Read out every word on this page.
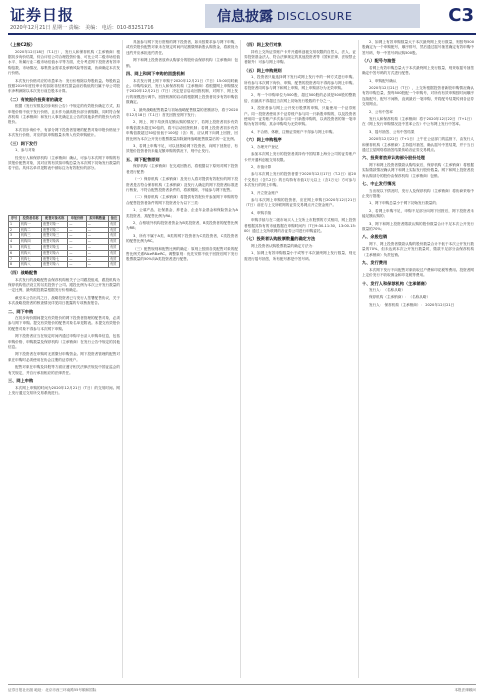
证券日报
2020年12月21日 星期一 责编： 美编： 电话：010-83251716
信息披露 DISCLOSURE	C3
（上接C2版）

2020年12月18日（T-1日），发行人和保荐机构（主承销商）根据初步询价结果，综合评估公司合理投资价值、可比公司二级市场估值水平、所属行业二级市场估值水平等方面，充分考虑网下投资者有效申购倍数、市场情况、募集资金需求及承销风险等因素，协商确定本次发行价格。

本次发行价格对应的市盈率为：发行价格除以每股收益。每股收益按照2019年度经审计的扣除非经常性损益前后孰低的归属于母公司股东净利润除以本次发行前总股本计算。

（二）有效报价投资者的确定

根据《发行安排及初步询价公告》中规定的有效报价确定方式，拟申报价格不低于发行价格，且未作为最高报价部分被剔除，同时符合保荐机构（主承销商）和发行人事先确定且公告的其他条件的报价为有效报价。

本次初步询价中，有部分网下投资者管理的配售对象申报价格低于本次发行价格，对应的拟申购数量未纳入有效申购统计。

（三）网下发行

1、参与对象

经发行人和保荐机构（主承销商）确认，可参与本次网下申购的有效报价配售对象，其对应的有效拟申购总量为本次网下初始发行数量的若干倍。具体名单详见附表中被标注为有效报价的部分。

序号	投资者名称	配售对象名称	申报价格	拟申购数量	备注
1	机构一	配售对象一	—	—	有效
2	机构二	配售对象二	—	—	有效
3	机构三	配售对象三	—	—	有效
4	机构四	配售对象四	—	—	有效
5	机构五	配售对象五	—	—	有效
6	机构六	配售对象六	—	—	有效
7	机构七	配售对象七	—	—	有效
8	机构八	配售对象八	—	—	有效
（四）战略配售

本次发行的战略配售由保荐机构相关子公司跟投组成，跟投机构为保荐机构依法设立的另类投资子公司。跟投比例为本次公开发行数量的一定比例，最终跟投数量根据发行价格确定。

截至本公告出具之日，战略投资者已与发行人签署配售协议，关于本次战略投资者的核查情况详见同日披露的专项核查报告。

二、网下申购

在初步询价期间提交有效报价的网下投资者管理的配售对象，必须参与网下申购。提交有效报价的配售对象名单见附表。未提交有效报价的配售对象不得参与本次网下申购。

网下投资者应当在规定时间内通过申购平台录入申购单信息，包括申购价格、申购数量及保荐机构（主承销商）在发行公告中规定的其他信息。

网下投资者在申购时无需缴付申购资金。网下投资者管理的配售对象在申购时必须使用在协会注册的证券账户。

配售对象在申购及持股等方面应遵守相关法律法规及中国证监会的有关规定，并自行承担相应的法律责任。

三、网上申购

本次网上申购的时间为2020年12月21日（T日）的交易时间。网上发行通过交易所交易系统进行。

具备参与网下发行资格的网下投资者，如未按要求参与网下申购，或有效报价配售对象未在规定时间内足额缴纳新股认购资金，将被视为违约并应承担违约责任。

网下和网上投资者放弃认购部分的股份由保荐机构（主承销商）包销。

四、网上和网下申购的回拨机制

本次发行网上网下申购于2020年12月21日（T日）15:00同时截止。申购结束后，发行人和保荐机构（主承销商）将根据网上申购情况于2020年12月21日（T日）决定是否启动回拨机制，对网下、网上发行的规模进行调节。回拨机制的启动将根据网上投资者初步有效申购倍数确定。

1、最终战略配售数量与初始战略配售数量的差额部分，将于2020年12月18日（T-1日）首先回拨至网下发行；

2、网上、网下均获得足额认购的情况下，若网上投资者初步有效申购倍数未超过50倍的，将不启动回拨机制；若网上投资者初步有效申购倍数超过50倍但低于100倍（含）的，应从网下向网上回拨，回拨比例为本次公开发行股票数量扣除最终战略配售数量后的一定比例。

3、若网上申购不足，可以回拨给网下投资者，向网下回拨后，有效报价投资者仍未能足额申购的情况下，则中止发行。

五、网下配售原则

保荐机构（主承销商）在完成回拨后，将根据以下原则对网下投资者进行配售：

（一）保荐机构（主承销商）及发行人将对提供有效报价的网下投资者是否符合保荐机构（主承销商）及发行人确定的网下投资者标准进行核查，不符合配售投资者条件的，将被剔除，不能参与网下配售。

（二）保荐机构（主承销商）将提供有效报价并参加网下申购的符合配售投资者条件的网下投资者分为以下三类：

1、公募产品、社保基金、养老金、企业年金基金和保险资金为A类投资者，其配售比例为RA；

2、合格境外机构投资者资金为B类投资者，B类投资者的配售比例为RB；

3、所有不属于A类、B类的网下投资者为C类投资者，C类投资者的配售比例为RC。

（三）配售规则和配售比例的确定：原则上按照各类配售对象的配售比例关系RA≥RB≥RC。调整原则：优先安排不低于回拨后网下发行股票数量的50%向A类投资者进行配售。

（四）网上发行对象

持有上交所证券账户卡并开通科创板交易权限的自然人、法人、证券投资基金法人、符合法律规定的其他投资者等（国家法律、法规禁止者除外）可参与网上申购。

（五）网上申购规则

1、投资者只能选择网下发行或网上发行中的一种方式进行申购。所有参与本次网下询价、申购、配售的投资者均不得再参与网上申购。若投资者同时参与网下和网上申购，网上申购部分为无效申购。

2、每一个申购单位为500股，超过500股的必须是500股的整数倍，但最高不得超过当次网上初始发行股数的千分之一。

3、投资者参与网上公开发行股票的申购，只能使用一个证券账户。同一投资者使用多个证券账户参与同一只新股申购的，以及投资者使用同一证券账户多次参与同一只新股申购的，以该投资者的第一笔申购为有效申购，其余申购均为无效申购。

4、不合格、休眠、注销证券账户不得参与网上申购。

（六）网上申购程序

1、办理开户登记

参加本次网上发行的投资者须持有中国结算上海分公司的证券账户卡并开通科创板交易权限。

2、市值计算

参与本次网上发行的投资者需于2020年12月17日（T-2日）前20个交易日（含T-2日）的日均持有市值1万元以上（含1万元）方可参与本次发行的网上申购。

3、开立资金账户

参与本次网上申购的投资者，应在网上申购日2020年12月21日（T日）前在与上交所联网的证券交易网点开立资金账户。

4、申购手续

申购手续与在二级市场买入上交所上市股票的方式相同，网上投资者根据其持有的市值数据在申购时间内（T日9:30-11:30，13:00-15:00）通过上交所联网的各证券公司进行申购委托。

（七）投资者认购股票数量的确定方法

网上投资者认购股票数量的确定方法为：

1、如网上有效申购数量小于或等于本次最终网上发行数量，则无需进行摇号抽签，所有配号都是中签号码。

2、如网上有效申购数量大于本次最终网上发行数量，则按每500股确定为一个申购配号，顺序排号，然后通过摇号抽签确定有效申购中签号码，每一中签号码认购500股。

（八）配号与抽签

若网上有效申购总量大于本次最终网上发行数量，则采取摇号抽签确定中签号码的方式进行配售。

1、申购配号确认

2020年12月21日（T日），上交所根据投资者新股申购情况确认有效申购总量，按每500股配一个申购号，对所有有效申购按时间顺序连续配号，配号不间断，直到最后一笔申购，并将配号结果传到各证券交易网点。

2、公布中签率

发行人和保荐机构（主承销商）将于2020年12月22日（T+1日）在《网上发行申购情况及中签率公告》中公布网上发行中签率。

3、摇号抽签、公布中签结果

2020年12月22日（T+1日）上午在公证部门的监督下，由发行人和保荐机构（主承销商）主持摇号抽签，确认摇号中签结果，并于当日通过卫星网络将抽签结果传给各证券交易网点。

六、投资者放弃认购部分股份处理

网下和网上投资者缴款认购结束后，保荐机构（主承销商）将根据实际缴款情况确认网下和网上实际发行股份数量。网下和网上投资者放弃认购部分的股份由保荐机构（主承销商）包销。

七、中止发行情况

当出现以下情况时，发行人及保荐机构（主承销商）将协商采取中止发行措施：

1、网下申购总量小于网下初始发行数量的；

2、若网上申购不足，申购不足部分向网下回拨后，网下投资者未能足额认购的；

3、网下和网上投资者缴款认购的股份数量合计不足本次公开发行数量的70%；

八、余股包销

网下、网上投资者缴款认购的股份数量合计不低于本次公开发行数量的70%，但未达到本次公开发行数量时，缴款不足部分由保荐机构（主承销商）负责包销。

九、发行费用

本次网下发行不向配售对象收取过户费和印花税等费用。投资者网上定价发行不收取佣金和印花税等费用。

十、发行人和保荐机构（主承销商）

发行人：（名称从略）

保荐机构（主承销商）：（名称从略）

发行人： 保荐机构（主承销商）： 2020年12月21日

证券日报社出版 地址：北京市西三环南路55号顺和国际	本报法律顾问
